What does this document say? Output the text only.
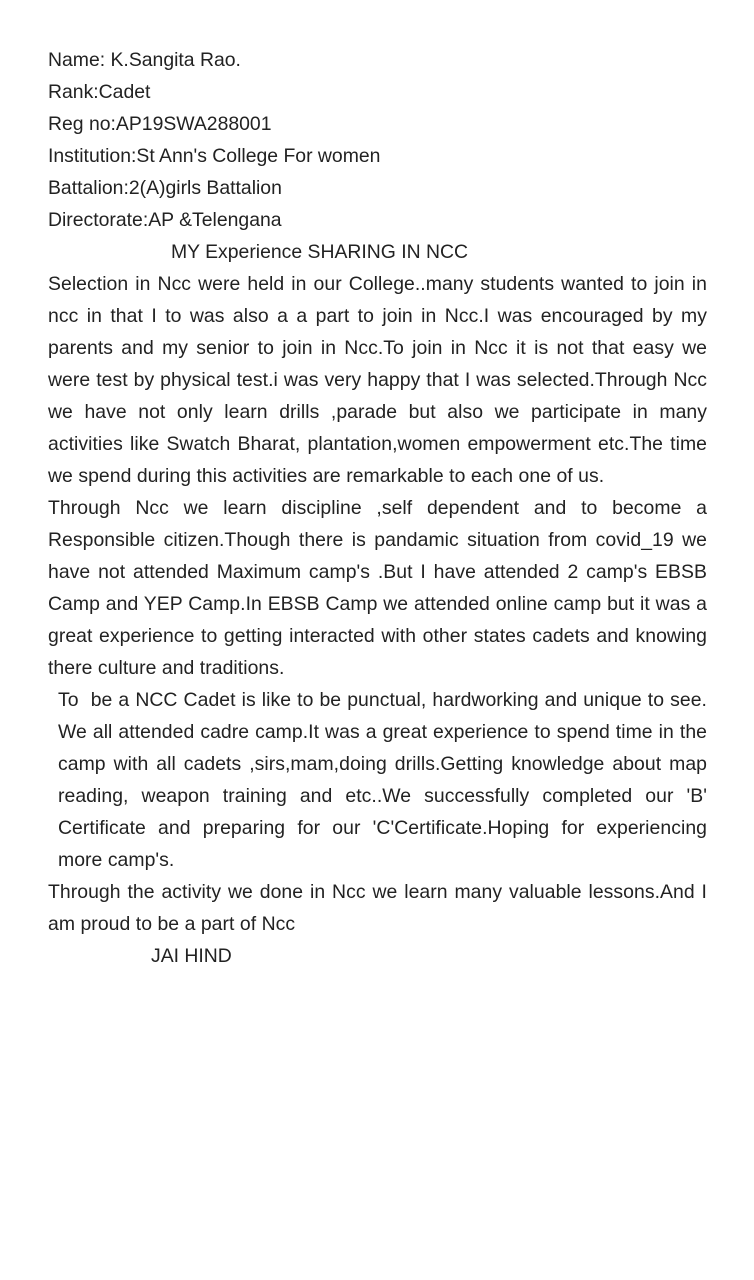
Name: K.Sangita Rao.
Rank:Cadet
Reg no:AP19SWA288001
Institution:St Ann's College For women
Battalion:2(A)girls Battalion
Directorate:AP &Telengana
MY Experience SHARING IN NCC

Selection in Ncc were held in our College..many students wanted to join in ncc in that I to was also a a part to join in Ncc.I was encouraged by my parents and my senior to join in Ncc.To join in Ncc it is not that easy we were test by physical test.i was very happy that I was selected.Through Ncc we have not only learn drills ,parade but also we participate in many activities like Swatch Bharat, plantation,women empowerment etc.The time we spend during this activities are remarkable to each one of us.

Through Ncc we learn discipline ,self dependent and to become a Responsible citizen.Though there is pandamic situation from covid_19 we have not attended Maximum camp's .But I have attended 2 camp's EBSB Camp and YEP Camp.In EBSB Camp we attended online camp but it was a great experience to getting interacted with other states cadets and knowing there culture and traditions.

To  be a NCC Cadet is like to be punctual, hardworking and unique to see. We all attended cadre camp.It was a great experience to spend time in the camp with all cadets ,sirs,mam,doing drills.Getting knowledge about map reading, weapon training and etc..We successfully completed our 'B' Certificate and preparing for our 'C'Certificate.Hoping for experiencing more camp's.

Through the activity we done in Ncc we learn many valuable lessons.And I am proud to be a part of Ncc

JAI HIND
